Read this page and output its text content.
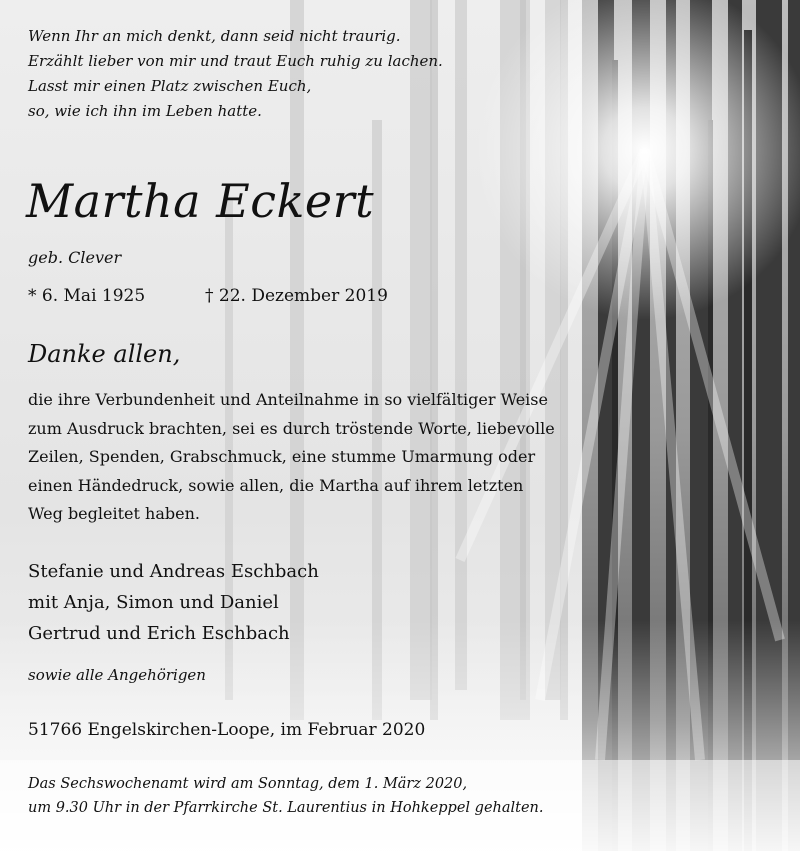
Wenn Ihr an mich denkt, dann seid nicht traurig.
Erzählt lieber von mir und traut Euch ruhig zu lachen.
Lasst mir einen Platz zwischen Euch,
so, wie ich ihn im Leben hatte.
Martha Eckert
geb. Clever
* 6. Mai 1925	† 22. Dezember 2019
Danke allen,
die ihre Verbundenheit und Anteilnahme in so vielfältiger Weise
zum Ausdruck brachten, sei es durch tröstende Worte, liebevolle
Zeilen, Spenden, Grabschmuck, eine stumme Umarmung oder
einen Händedruck, sowie allen, die Martha auf ihrem letzten
Weg begleitet haben.
Stefanie und Andreas Eschbach
mit Anja, Simon und Daniel
Gertrud und Erich Eschbach
sowie alle Angehörigen
51766 Engelskirchen-Loope, im Februar 2020
Das Sechswochenamt wird am Sonntag, dem 1. März 2020,
um 9.30 Uhr in der Pfarrkirche St. Laurentius in Hohkeppel gehalten.
